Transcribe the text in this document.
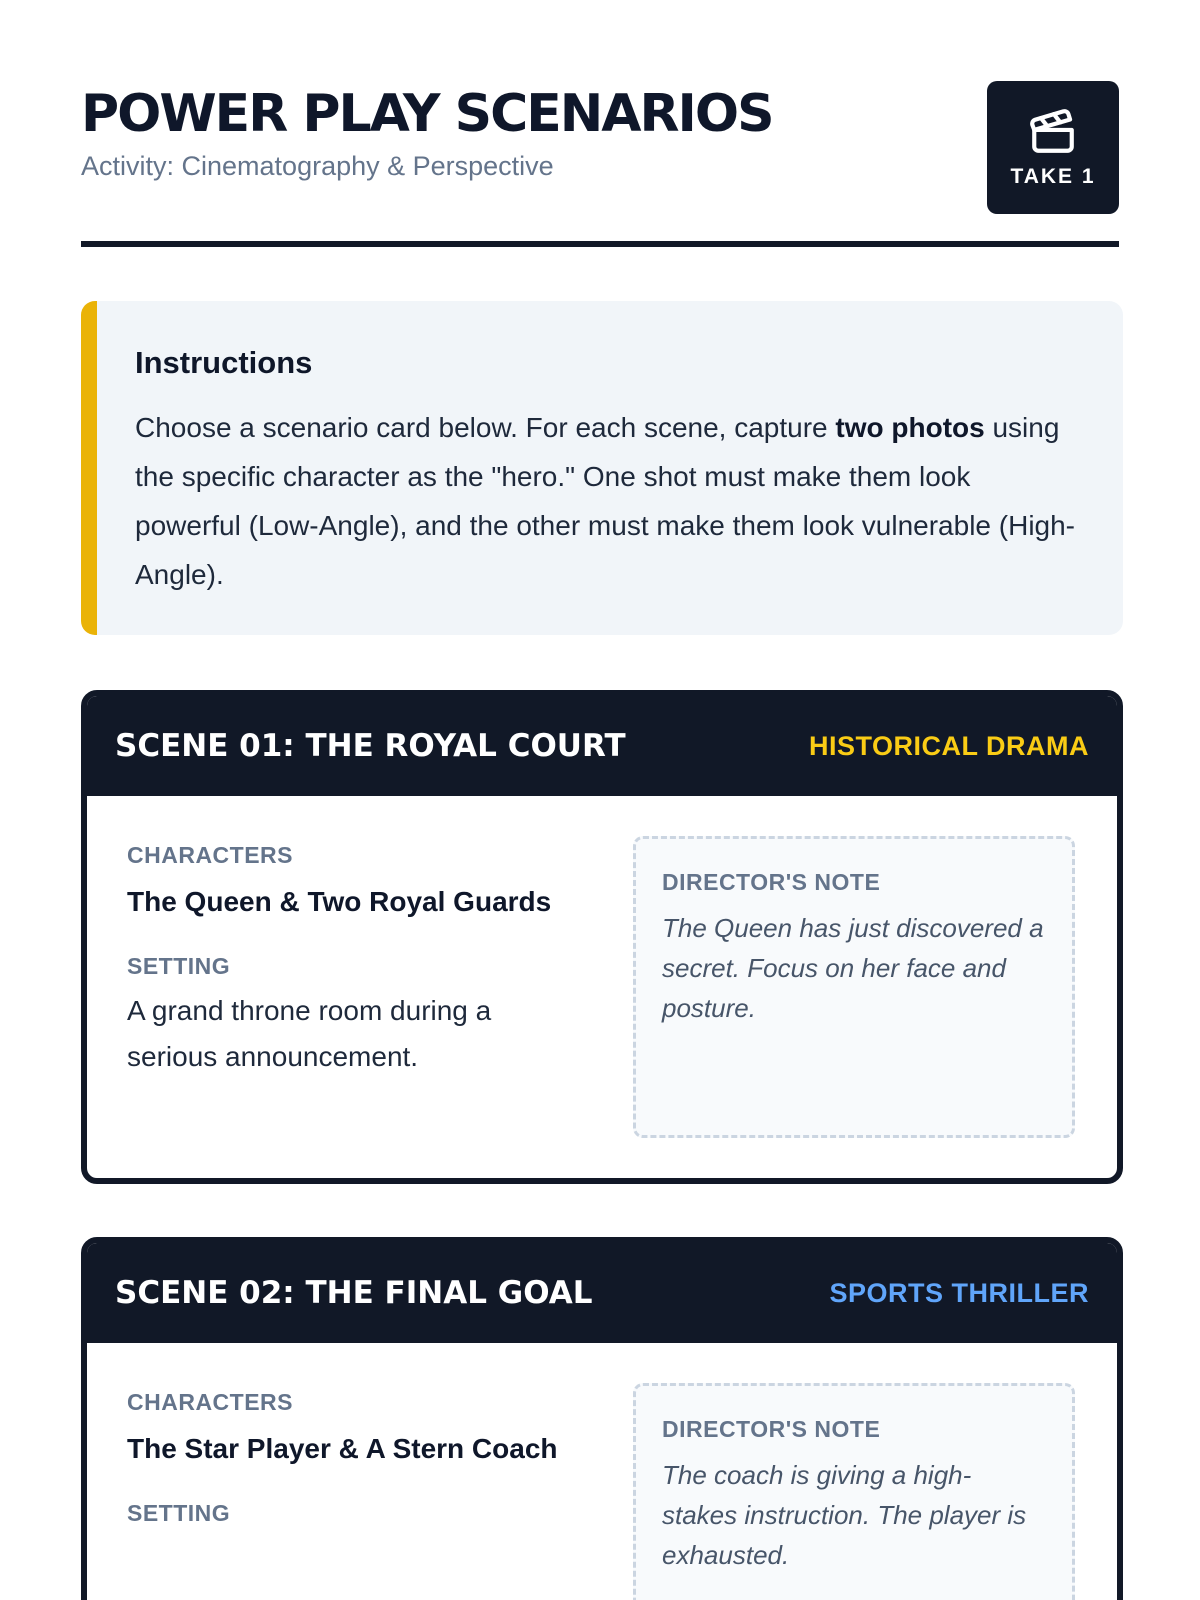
POWER PLAY SCENARIOS
Activity: Cinematography & Perspective	TAKE 1
Instructions

Choose a scenario card below. For each scene, capture two photos using the specific character as the "hero." One shot must make them look powerful (Low-Angle), and the other must make them look vulnerable (High-Angle).

SCENE 01: THE ROYAL COURT	HISTORICAL DRAMA
CHARACTERS
The Queen & Two Royal Guards
SETTING
A grand throne room during a serious announcement.
DIRECTOR'S NOTE
The Queen has just discovered a secret. Focus on her face and posture.
SCENE 02: THE FINAL GOAL	SPORTS THRILLER
CHARACTERS
The Star Player & A Stern Coach
SETTING
DIRECTOR'S NOTE
The coach is giving a high-stakes instruction. The player is exhausted.
